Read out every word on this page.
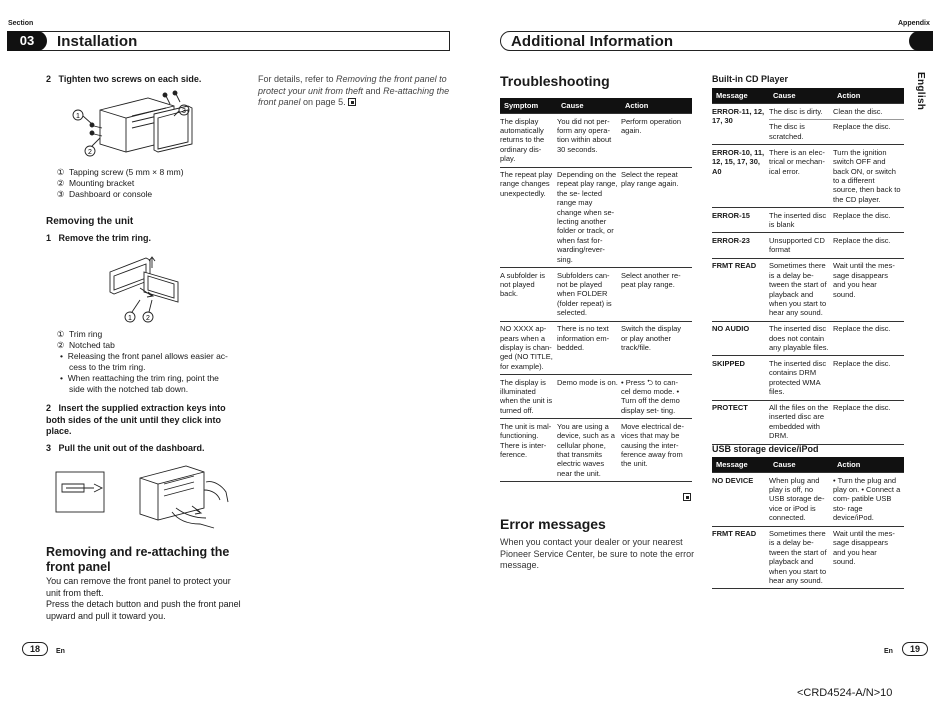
Section
03	Installation
2 Tighten two screws on each side.
1
2
3
① Tapping screw (5 mm × 8 mm)
② Mounting bracket
③ Dashboard or console
Removing the unit
1 Remove the trim ring.
1 2
① Trim ring
② Notched tab
•  Releasing the front panel allows easier ac- cess to the trim ring.
•  When reattaching the trim ring, point the side with the notched tab down.
2 Insert the supplied extraction keys into both sides of the unit until they click into place.
3 Pull the unit out of the dashboard.
Removing and re-attaching the front panel
You can remove the front panel to protect your unit from theft.
Press the detach button and push the front panel upward and pull it toward you.
For details, refer to Removing the front panel to protect your unit from theft and Re-attaching the front panel on page 5.
18	En
Appendix
Additional Information
English
Troubleshooting
Symptom	Cause	Action
The display automatically returns to the ordinary dis- play.	You did not per- form any opera- tion within about 30 seconds.	Perform operation again.
The repeat play range changes unexpectedly.	Depending on the repeat play range, the se- lected range may change when se- lecting another folder or track, or when fast for- warding/rever- sing.	Select the repeat play range again.
A subfolder is not played back.	Subfolders can- not be played when FOLDER (folder repeat) is selected.	Select another re- peat play range.
NO XXXX ap- pears when a display is chan- ged (NO TITLE, for example).	There is no text information em- bedded.	Switch the display or play another track/file.
The display is illuminated when the unit is turned off.	Demo mode is on.	• Press ⮌ to can- cel demo mode. • Turn off the demo display set- ting.
The unit is mal- functioning. There is inter- ference.	You are using a device, such as a cellular phone, that transmits electric waves near the unit.	Move electrical de- vices that may be causing the inter- ference away from the unit.
Error messages
When you contact your dealer or your nearest Pioneer Service Center, be sure to note the error message.
Built-in CD Player
Message	Cause	Action
ERROR-11, 12, 17, 30	The disc is dirty.	Clean the disc.
	The disc is scratched.	Replace the disc.
ERROR-10, 11, 12, 15, 17, 30, A0	There is an elec- trical or mechan- ical error.	Turn the ignition switch OFF and back ON, or switch to a different source, then back to the CD player.
ERROR-15	The inserted disc is blank	Replace the disc.
ERROR-23	Unsupported CD format	Replace the disc.
FRMT READ	Sometimes there is a delay be- tween the start of playback and when you start to hear any sound.	Wait until the mes- sage disappears and you hear sound.
NO AUDIO	The inserted disc does not contain any playable files.	Replace the disc.
SKIPPED	The inserted disc contains DRM protected WMA files.	Replace the disc.
PROTECT	All the files on the inserted disc are embedded with DRM.	Replace the disc.
USB storage device/iPod
Message	Cause	Action
NO DEVICE	When plug and play is off, no USB storage de- vice or iPod is connected.	• Turn the plug and play on. • Connect a com- patible USB sto- rage device/iPod.
FRMT READ	Sometimes there is a delay be- tween the start of playback and when you start to hear any sound.	Wait until the mes- sage disappears and you hear sound.
En	19
<CRD4524-A/N>10
